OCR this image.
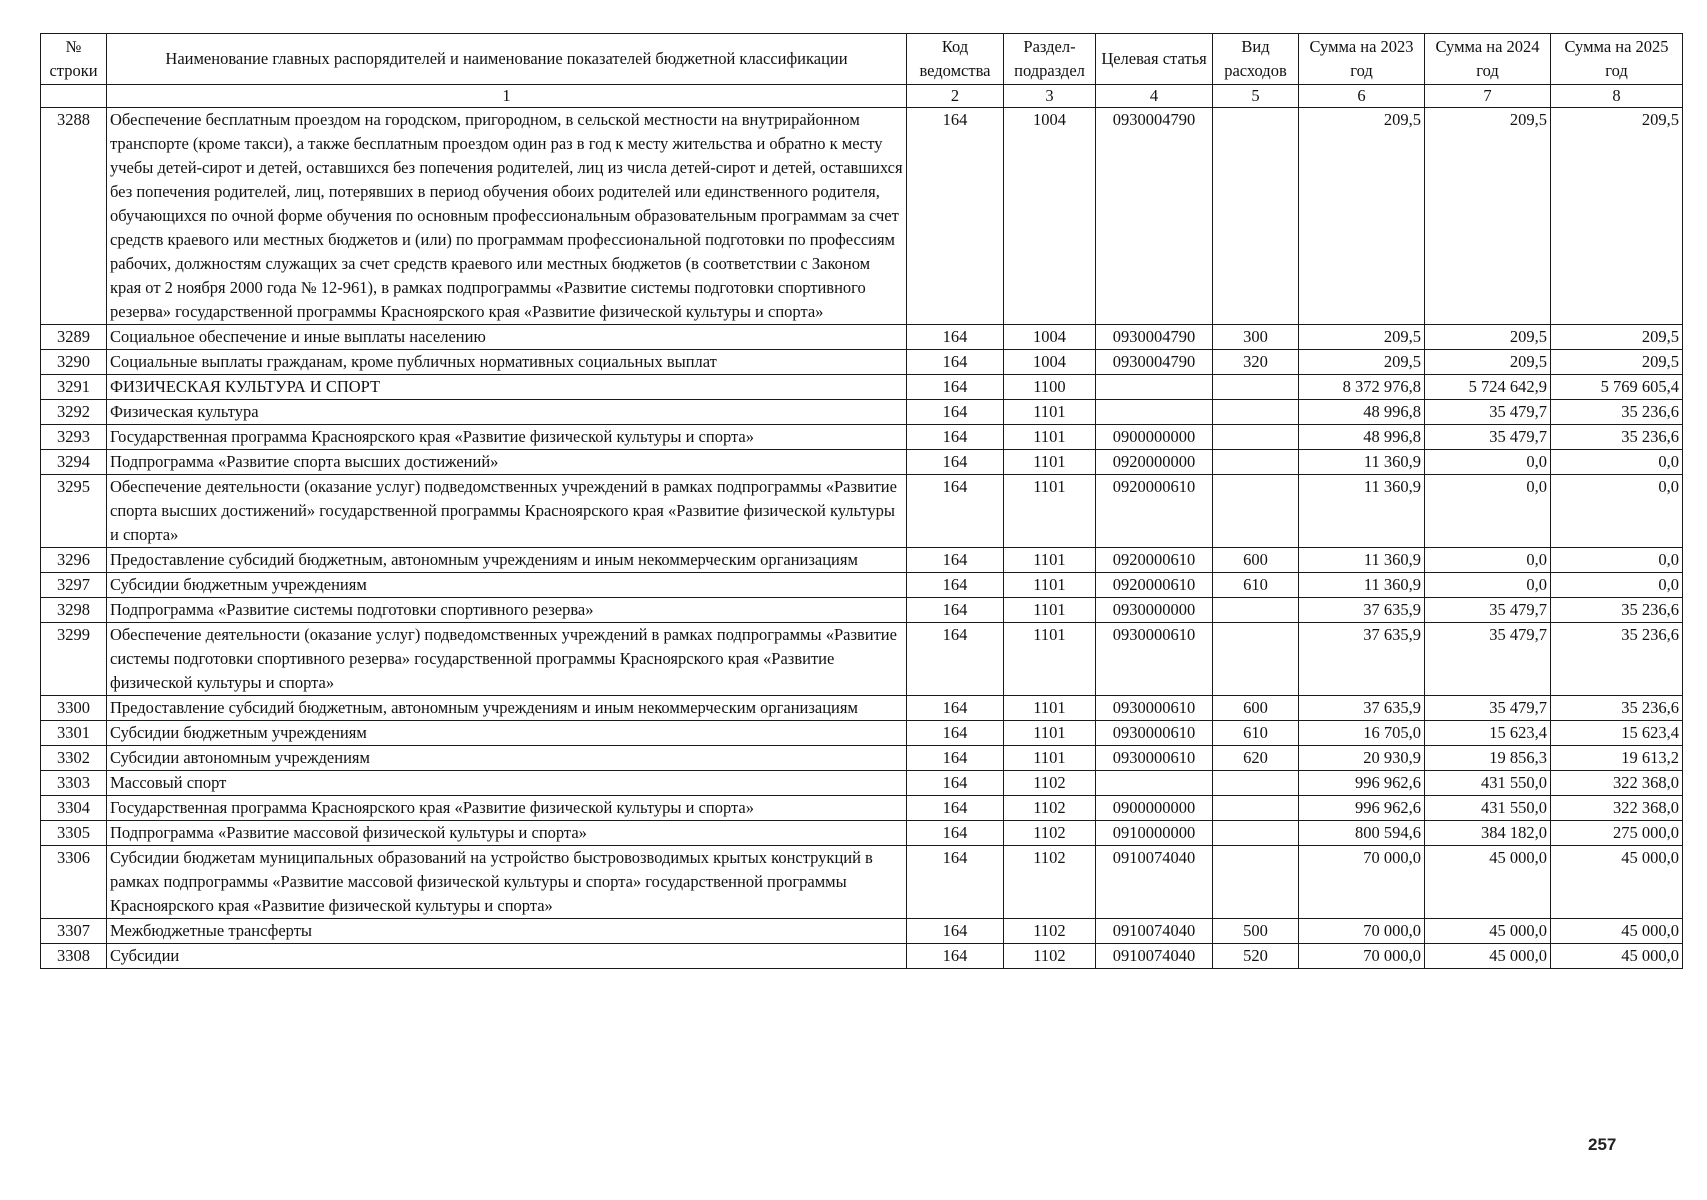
№ строки	Наименование главных распорядителей и наименование показателей бюджетной классификации	Код ведомства	Раздел-подраздел	Целевая статья	Вид расходов	Сумма на 2023 год	Сумма на 2024 год	Сумма на 2025 год
	1	2	3	4	5	6	7	8
3288	Обеспечение бесплатным проездом на городском, пригородном, в сельской местности на внутрирайонном транспорте (кроме такси), а также бесплатным проездом один раз в год к месту жительства и обратно к месту учебы детей-сирот и детей, оставшихся без попечения родителей, лиц из числа детей-сирот и детей, оставшихся без попечения родителей, лиц, потерявших в период обучения обоих родителей или единственного родителя, обучающихся по очной форме обучения по основным профессиональным образовательным программам за счет средств краевого или местных бюджетов и (или) по программам профессиональной подготовки по профессиям рабочих, должностям служащих за счет средств краевого или местных бюджетов (в соответствии с Законом края от 2 ноября 2000 года № 12-961), в рамках подпрограммы «Развитие системы подготовки спортивного резерва» государственной программы Красноярского края «Развитие физической культуры и спорта»	164	1004	0930004790		209,5	209,5	209,5
3289	Социальное обеспечение и иные выплаты населению	164	1004	0930004790	300	209,5	209,5	209,5
3290	Социальные выплаты гражданам, кроме публичных нормативных социальных выплат	164	1004	0930004790	320	209,5	209,5	209,5
3291	ФИЗИЧЕСКАЯ КУЛЬТУРА И СПОРТ	164	1100			8 372 976,8	5 724 642,9	5 769 605,4
3292	Физическая культура	164	1101			48 996,8	35 479,7	35 236,6
3293	Государственная программа Красноярского края «Развитие физической культуры и спорта»	164	1101	0900000000		48 996,8	35 479,7	35 236,6
3294	Подпрограмма «Развитие спорта высших достижений»	164	1101	0920000000		11 360,9	0,0	0,0
3295	Обеспечение деятельности (оказание услуг) подведомственных учреждений в рамках подпрограммы «Развитие спорта высших достижений» государственной программы Красноярского края «Развитие физической культуры и спорта»	164	1101	0920000610		11 360,9	0,0	0,0
3296	Предоставление субсидий бюджетным, автономным учреждениям и иным некоммерческим организациям	164	1101	0920000610	600	11 360,9	0,0	0,0
3297	Субсидии бюджетным учреждениям	164	1101	0920000610	610	11 360,9	0,0	0,0
3298	Подпрограмма «Развитие системы подготовки спортивного резерва»	164	1101	0930000000		37 635,9	35 479,7	35 236,6
3299	Обеспечение деятельности (оказание услуг) подведомственных учреждений в рамках подпрограммы «Развитие системы подготовки спортивного резерва» государственной программы Красноярского края «Развитие физической культуры и спорта»	164	1101	0930000610		37 635,9	35 479,7	35 236,6
3300	Предоставление субсидий бюджетным, автономным учреждениям и иным некоммерческим организациям	164	1101	0930000610	600	37 635,9	35 479,7	35 236,6
3301	Субсидии бюджетным учреждениям	164	1101	0930000610	610	16 705,0	15 623,4	15 623,4
3302	Субсидии автономным учреждениям	164	1101	0930000610	620	20 930,9	19 856,3	19 613,2
3303	Массовый спорт	164	1102			996 962,6	431 550,0	322 368,0
3304	Государственная программа Красноярского края «Развитие физической культуры и спорта»	164	1102	0900000000		996 962,6	431 550,0	322 368,0
3305	Подпрограмма «Развитие массовой физической культуры и спорта»	164	1102	0910000000		800 594,6	384 182,0	275 000,0
3306	Субсидии бюджетам муниципальных образований на устройство быстровозводимых крытых конструкций в рамках подпрограммы «Развитие массовой физической культуры и спорта» государственной программы Красноярского края «Развитие физической культуры и спорта»	164	1102	0910074040		70 000,0	45 000,0	45 000,0
3307	Межбюджетные трансферты	164	1102	0910074040	500	70 000,0	45 000,0	45 000,0
3308	Субсидии	164	1102	0910074040	520	70 000,0	45 000,0	45 000,0
257
